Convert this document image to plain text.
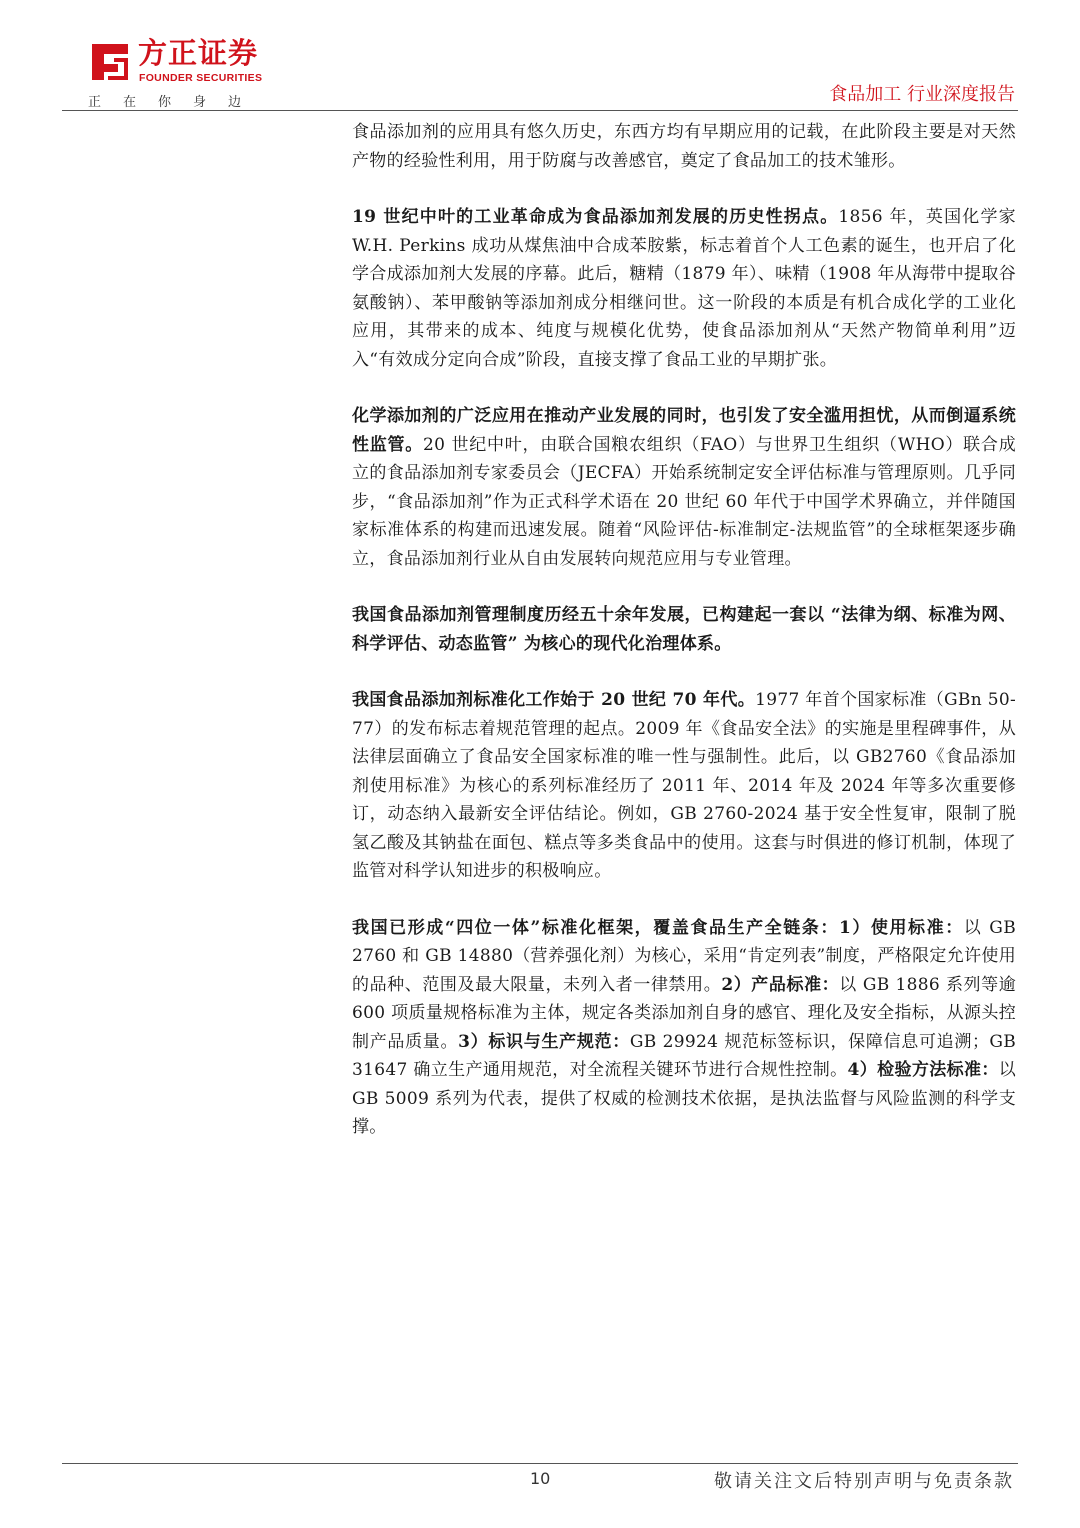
方正证券
FOUNDER SECURITIES
正在你身边	食品加工 行业深度报告

食品添加剂的应用具有悠久历史，东西方均有早期应用的记载，在此阶段主要是对天然产物的经验性利用，用于防腐与改善感官，奠定了食品加工的技术雏形。

19 世纪中叶的工业革命成为食品添加剂发展的历史性拐点。1856 年，英国化学家 W.H. Perkins 成功从煤焦油中合成苯胺紫，标志着首个人工色素的诞生，也开启了化学合成添加剂大发展的序幕。此后，糖精（1879 年）、味精（1908 年从海带中提取谷氨酸钠）、苯甲酸钠等添加剂成分相继问世。这一阶段的本质是有机合成化学的工业化应用，其带来的成本、纯度与规模化优势，使食品添加剂从“天然产物简单利用”迈入“有效成分定向合成”阶段，直接支撑了食品工业的早期扩张。

化学添加剂的广泛应用在推动产业发展的同时，也引发了安全滥用担忧，从而倒逼系统性监管。20 世纪中叶，由联合国粮农组织（FAO）与世界卫生组织（WHO）联合成立的食品添加剂专家委员会（JECFA）开始系统制定安全评估标准与管理原则。几乎同步，“食品添加剂”作为正式科学术语在 20 世纪 60 年代于中国学术界确立，并伴随国家标准体系的构建而迅速发展。随着“风险评估-标准制定-法规监管”的全球框架逐步确立，食品添加剂行业从自由发展转向规范应用与专业管理。

我国食品添加剂管理制度历经五十余年发展，已构建起一套以 “法律为纲、标准为网、科学评估、动态监管” 为核心的现代化治理体系。

我国食品添加剂标准化工作始于 20 世纪 70 年代。1977 年首个国家标准（GBn 50-77）的发布标志着规范管理的起点。2009 年《食品安全法》的实施是里程碑事件，从法律层面确立了食品安全国家标准的唯一性与强制性。此后，以 GB2760《食品添加剂使用标准》为核心的系列标准经历了 2011 年、2014 年及 2024 年等多次重要修订，动态纳入最新安全评估结论。例如，GB 2760-2024 基于安全性复审，限制了脱氢乙酸及其钠盐在面包、糕点等多类食品中的使用。这套与时俱进的修订机制，体现了监管对科学认知进步的积极响应。

我国已形成“四位一体”标准化框架，覆盖食品生产全链条：1）使用标准：以 GB 2760 和 GB 14880（营养强化剂）为核心，采用“肯定列表”制度，严格限定允许使用的品种、范围及最大限量，未列入者一律禁用。2）产品标准：以 GB 1886 系列等逾 600 项质量规格标准为主体，规定各类添加剂自身的感官、理化及安全指标，从源头控制产品质量。3）标识与生产规范：GB 29924 规范标签标识，保障信息可追溯；GB 31647 确立生产通用规范，对全流程关键环节进行合规性控制。4）检验方法标准：以 GB 5009 系列为代表，提供了权威的检测技术依据，是执法监督与风险监测的科学支撑。

10	敬请关注文后特别声明与免责条款
